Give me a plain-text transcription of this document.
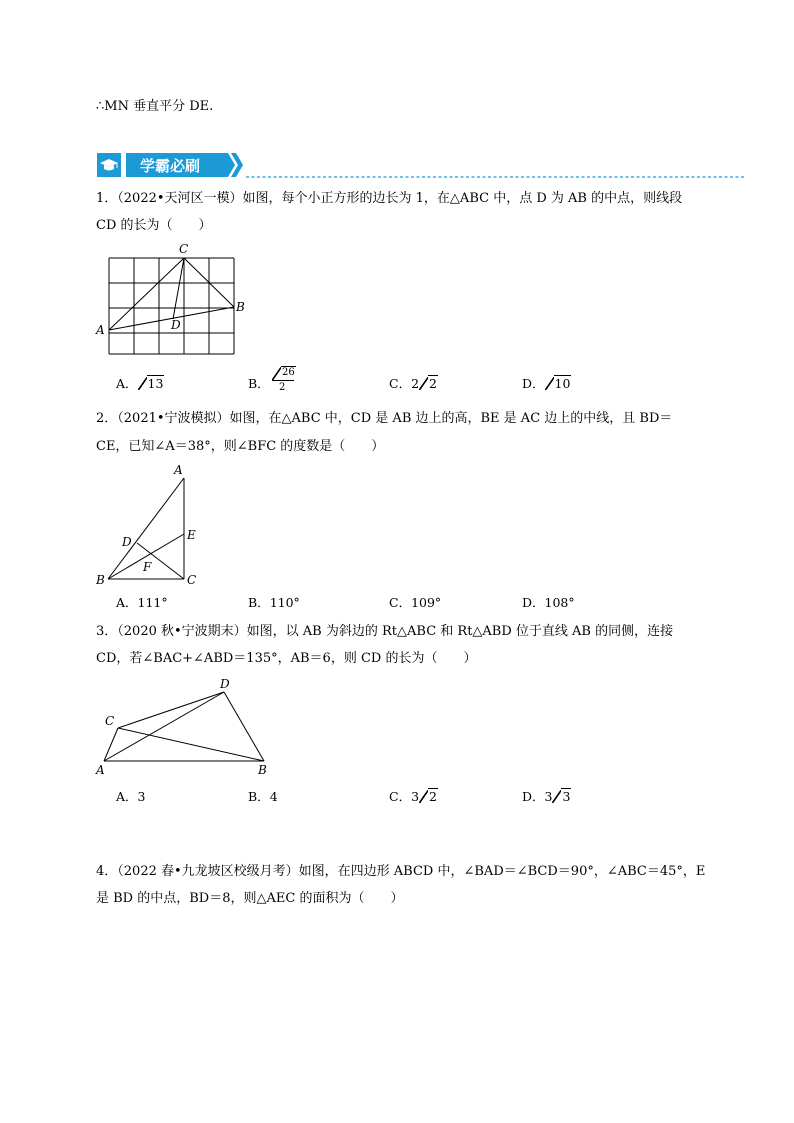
∴MN 垂直平分 DE.
学霸必刷
1．（2022•天河区一模）如图，每个小正方形的边长为 1，在△ABC 中，点 D 为 AB 的中点，则线段
CD 的长为（　　）
C
B
A	D
A． 13	B．
26
2	C．2 2	D． 10
2．（2021•宁波模拟）如图，在△ABC 中，CD 是 AB 边上的高，BE 是 AC 边上的中线，且 BD＝
CE，已知∠A＝38°，则∠BFC 的度数是（　　）
A
E
D
F
B	C
A．111°	B．110°	C．109°	D．108°
3．（2020 秋•宁波期末）如图，以 AB 为斜边的 Rt△ABC 和 Rt△ABD 位于直线 AB 的同侧，连接
CD，若∠BAC+∠ABD＝135°，AB＝6，则 CD 的长为（　　）
D
C
A	B
A．3	B．4	C．3 2	D．3 3
4．（2022 春•九龙坡区校级月考）如图，在四边形 ABCD 中，∠BAD＝∠BCD＝90°，∠ABC＝45°，E
是 BD 的中点，BD＝8，则△AEC 的面积为（　　）
